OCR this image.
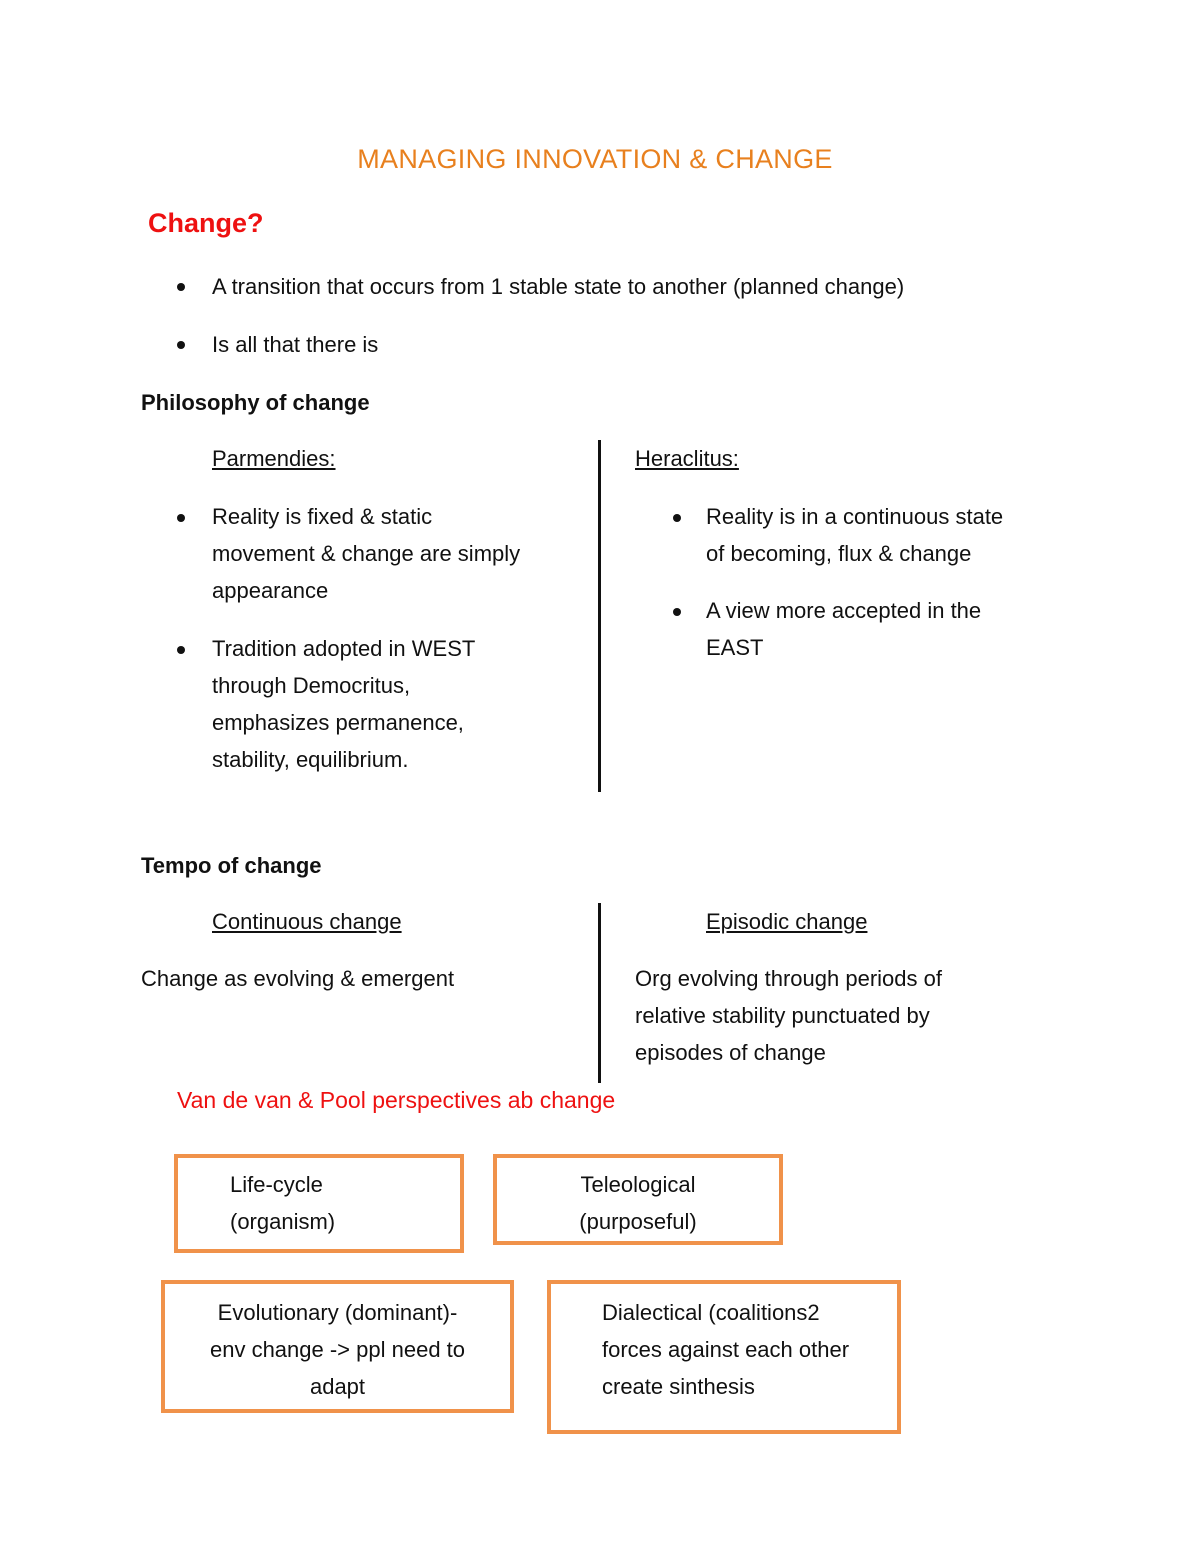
MANAGING INNOVATION & CHANGE
Change?
A transition that occurs from 1 stable state to another (planned change)
Is all that there is
Philosophy of change
Parmendies:
Reality is fixed & static
movement & change are simply
appearance
Tradition adopted in WEST
through Democritus,
emphasizes permanence,
stability, equilibrium.
Heraclitus:
Reality is in a continuous state
of becoming, flux & change
A view more accepted in the
EAST
Tempo of change
Continuous change
Change as evolving & emergent
Episodic change
Org evolving through periods of
relative stability punctuated by
episodes of change
Van de van & Pool perspectives ab change
Life-cycle
(organism)
Teleological
(purposeful)
Evolutionary (dominant)-
env change -> ppl need to
adapt
Dialectical (coalitions2
forces against each other
create sinthesis
